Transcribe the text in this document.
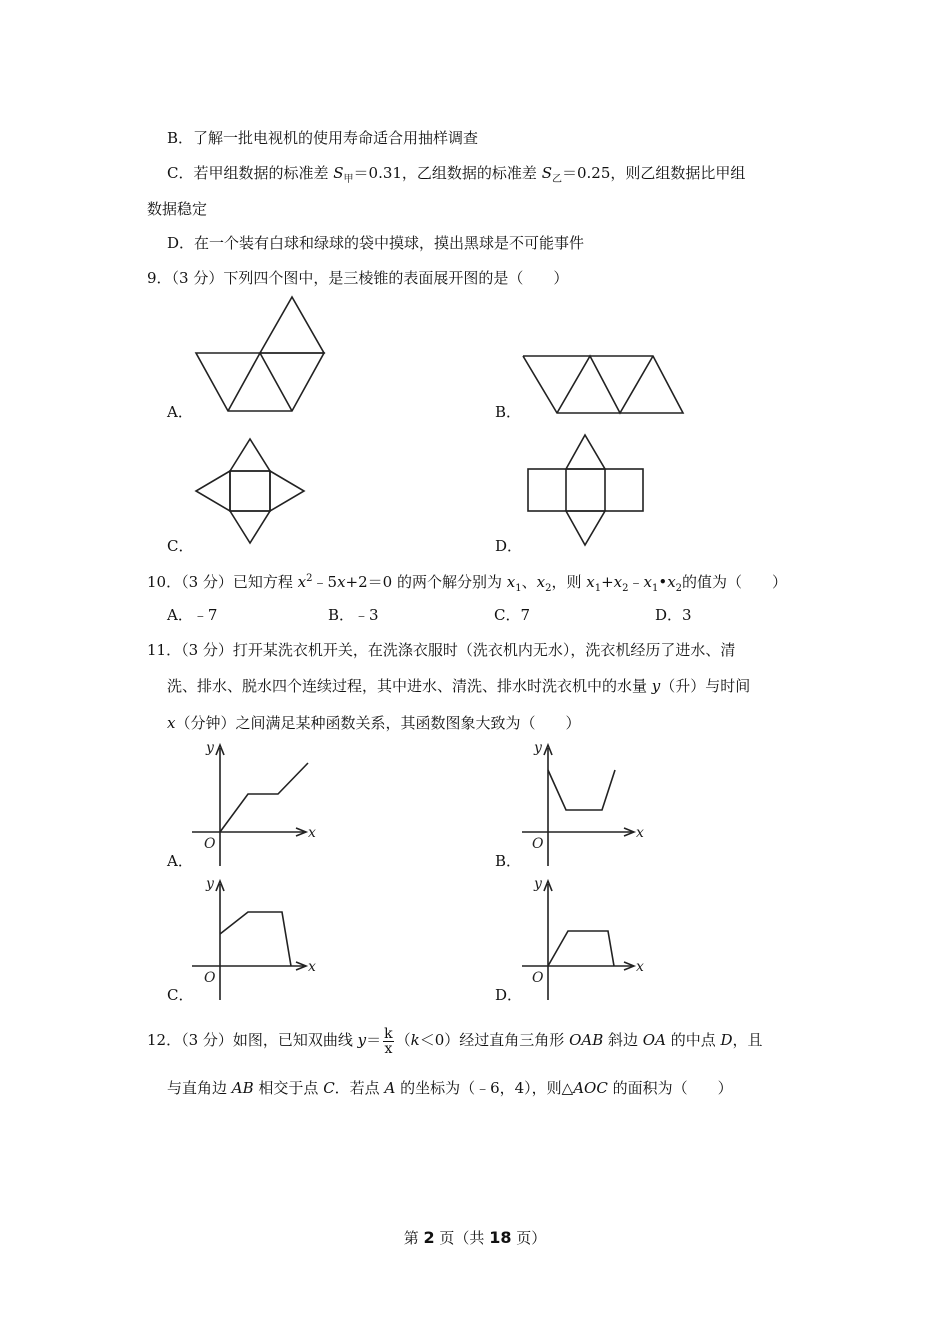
B．了解一批电视机的使用寿命适合用抽样调查
C．若甲组数据的标准差 $S_甲=0.31$，乙组数据的标准差 $S_乙=0.25$，则乙组数据比甲组
数据稳定
D．在一个装有白球和绿球的袋中摸球，摸出黑球是不可能事件
9．（3 分）下列四个图中，是三棱锥的表面展开图的是（　　）
A．	B．
C．	D．
10．（3 分）已知方程 $x^2﹣5x+2=0$ 的两个解分别为 $x_1$、$x_2$，则 $x_1+x_2﹣x_1•x_2$的值为（　　）
A．﹣7	B．﹣3	C．7	D．3
11．（3 分）打开某洗衣机开关，在洗涤衣服时（洗衣机内无水），洗衣机经历了进水、清
洗、排水、脱水四个连续过程，其中进水、清洗、排水时洗衣机中的水量 y（升）与时间
x（分钟）之间满足某种函数关系，其函数图象大致为（　　）
A．
y
x
O
B．
y
x
O
C．
y
x
O
D．
y
x
O
12．（3 分）如图，已知双曲线 $y= \frac{k}{x} (k<0)$经过直角三角形 OAB 斜边 OA 的中点 D，且
与直角边 AB 相交于点 C．若点 A 的坐标为（﹣6，4），则△AOC 的面积为（　　）
第 2 页（共 18 页）
